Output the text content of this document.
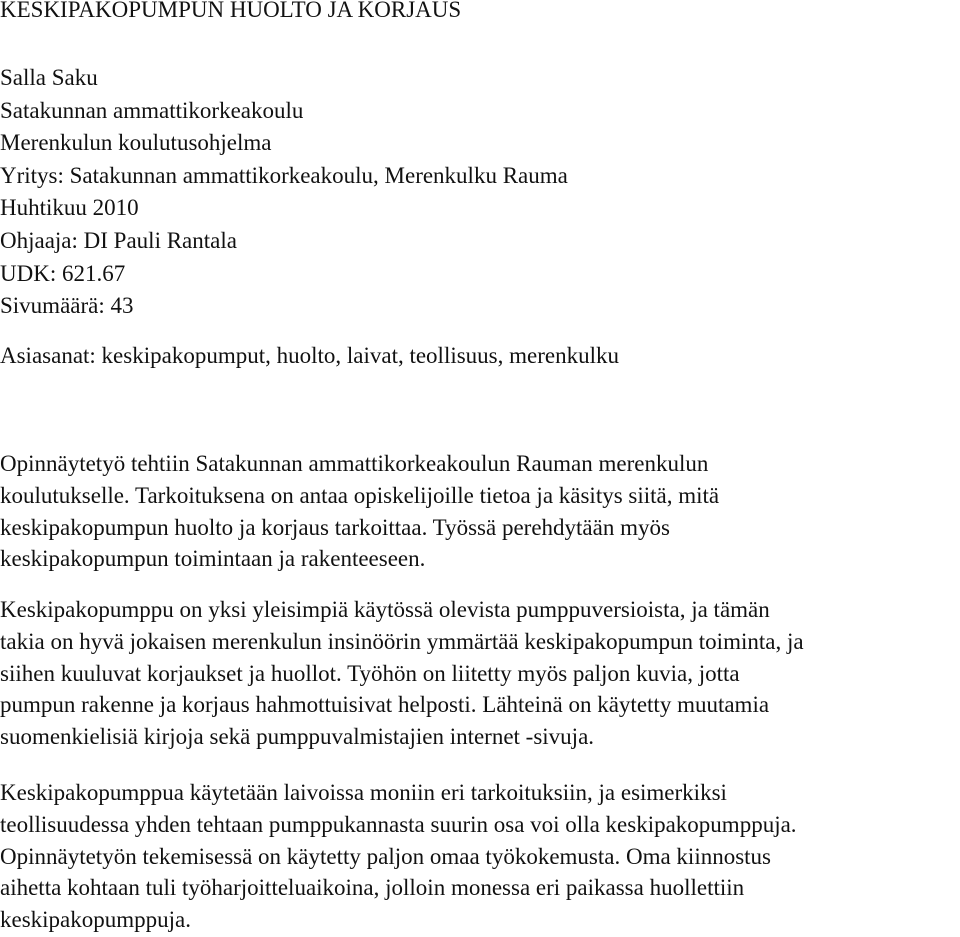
KESKIPAKOPUMPUN HUOLTO JA KORJAUS
Salla Saku
Satakunnan ammattikorkeakoulu
Merenkulun koulutusohjelma
Yritys: Satakunnan ammattikorkeakoulu, Merenkulku Rauma
Huhtikuu 2010
Ohjaaja: DI Pauli Rantala
UDK: 621.67
Sivumäärä: 43
Asiasanat: keskipakopumput, huolto, laivat, teollisuus, merenkulku

Opinnäytetyö tehtiin Satakunnan ammattikorkeakoulun Rauman merenkulun
koulutukselle. Tarkoituksena on antaa opiskelijoille tietoa ja käsitys siitä, mitä
keskipakopumpun huolto ja korjaus tarkoittaa. Työssä perehdytään myös
keskipakopumpun toimintaan ja rakenteeseen.

Keskipakopumppu on yksi yleisimpiä käytössä olevista pumppuversioista, ja tämän
takia on hyvä jokaisen merenkulun insinöörin ymmärtää keskipakopumpun toiminta, ja
siihen kuuluvat korjaukset ja huollot. Työhön on liitetty myös paljon kuvia, jotta
pumpun rakenne ja korjaus hahmottuisivat helposti. Lähteinä on käytetty muutamia
suomenkielisiä kirjoja sekä pumppuvalmistajien internet -sivuja.

Keskipakopumppua käytetään laivoissa moniin eri tarkoituksiin, ja esimerkiksi
teollisuudessa yhden tehtaan pumppukannasta suurin osa voi olla keskipakopumppuja.
Opinnäytetyön tekemisessä on käytetty paljon omaa työkokemusta. Oma kiinnostus
aihetta kohtaan tuli työharjoitteluaikoina, jolloin monessa eri paikassa huollettiin
keskipakopumppuja.
